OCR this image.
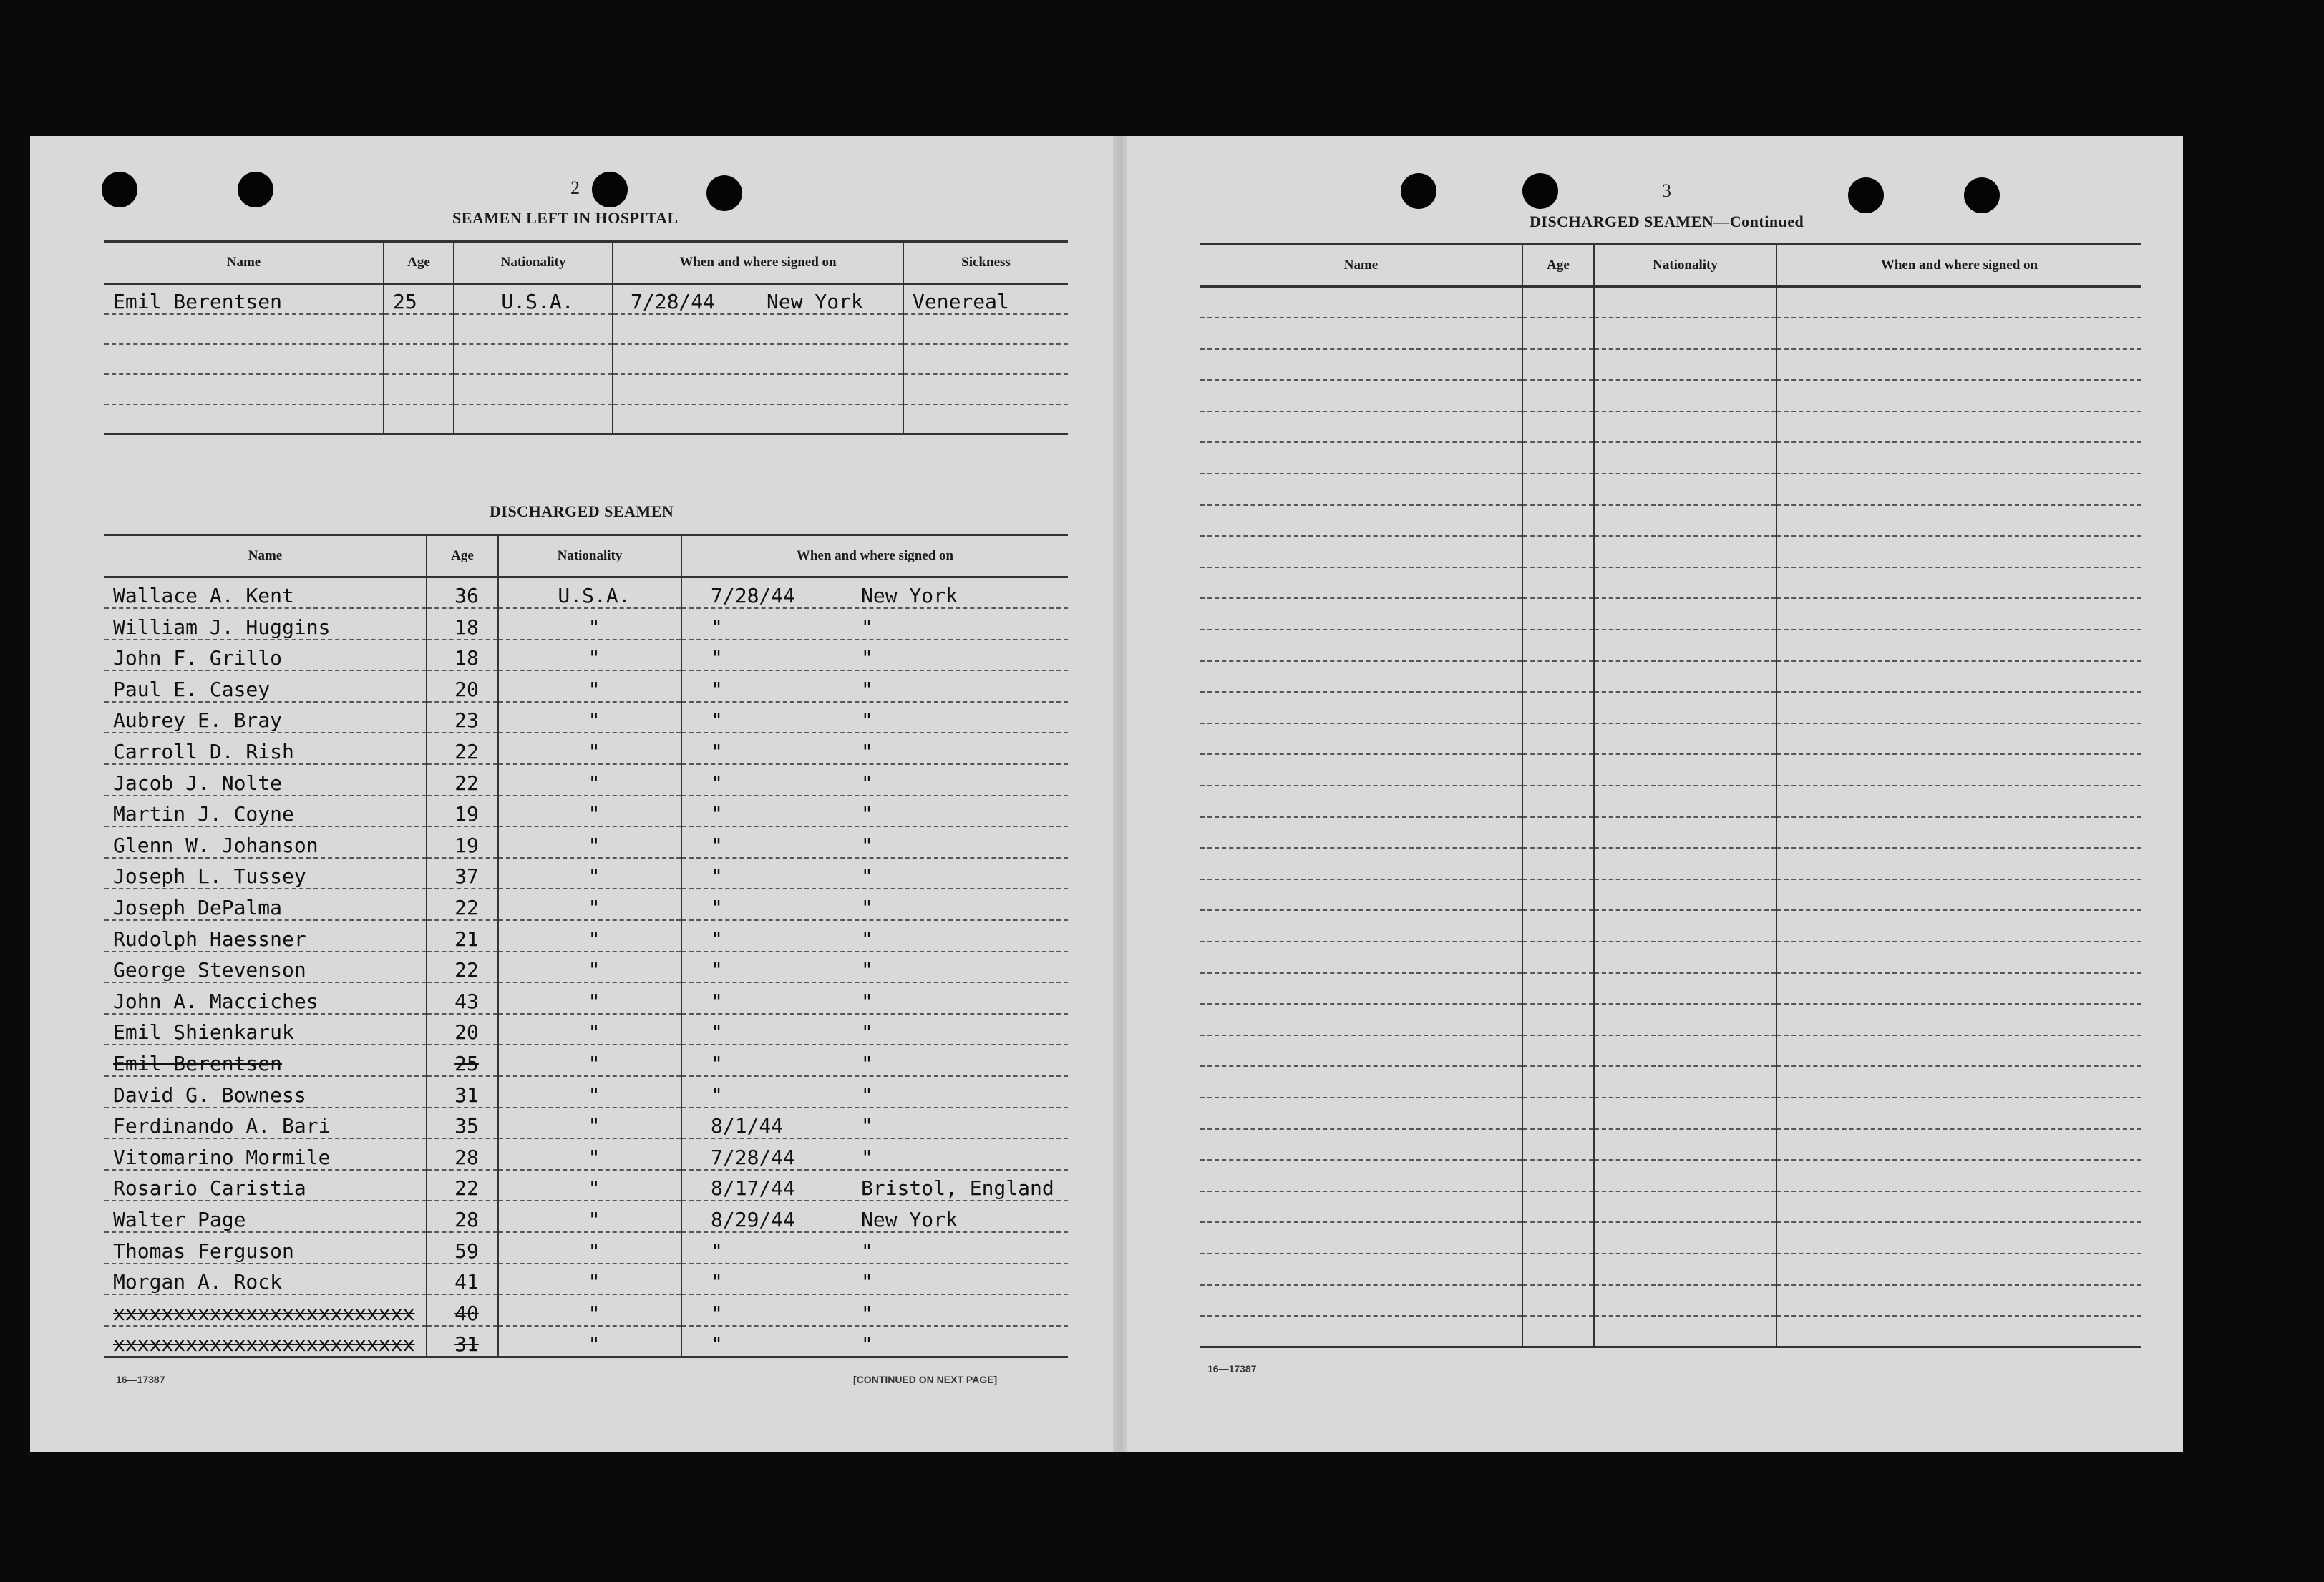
2
SEAMEN LEFT IN HOSPITAL
Name	Age	Nationality	When and where signed on	Sickness
Emil Berentsen	25	U.S.A.	7/28/44 New York	Venereal

DISCHARGED SEAMEN
Name	Age	Nationality	When and where signed on
Wallace A. Kent	36	U.S.A.	7/28/44 New York
William J. Huggins	18	"	" "
John F. Grillo	18	"	" "
Paul E. Casey	20	"	" "
Aubrey E. Bray	23	"	" "
Carroll D. Rish	22	"	" "
Jacob J. Nolte	22	"	" "
Martin J. Coyne	19	"	" "
Glenn W. Johanson	19	"	" "
Joseph L. Tussey	37	"	" "
Joseph DePalma	22	"	" "
Rudolph Haessner	21	"	" "
George Stevenson	22	"	" "
John A. Macciches	43	"	" "
Emil Shienkaruk	20	"	" "
Emil Berentsen	25	"	" "
David G. Bowness	31	"	" "
Ferdinando A. Bari	35	"	8/1/44 "
Vitomarino Mormile	28	"	7/28/44 "
Rosario Caristia	22	"	8/17/44 Bristol, England
Walter Page	28	"	8/29/44 New York
Thomas Ferguson	59	"	" "
Morgan A. Rock	41	"	" "
xxxxxxxxxxxxxxxxxxxxxxxxx	40	"	" "
xxxxxxxxxxxxxxxxxxxxxxxxx	31	"	" "
16—17387	[CONTINUED ON NEXT PAGE]
3
DISCHARGED SEAMEN—Continued
Name	Age	Nationality	When and where signed on

16—17387
